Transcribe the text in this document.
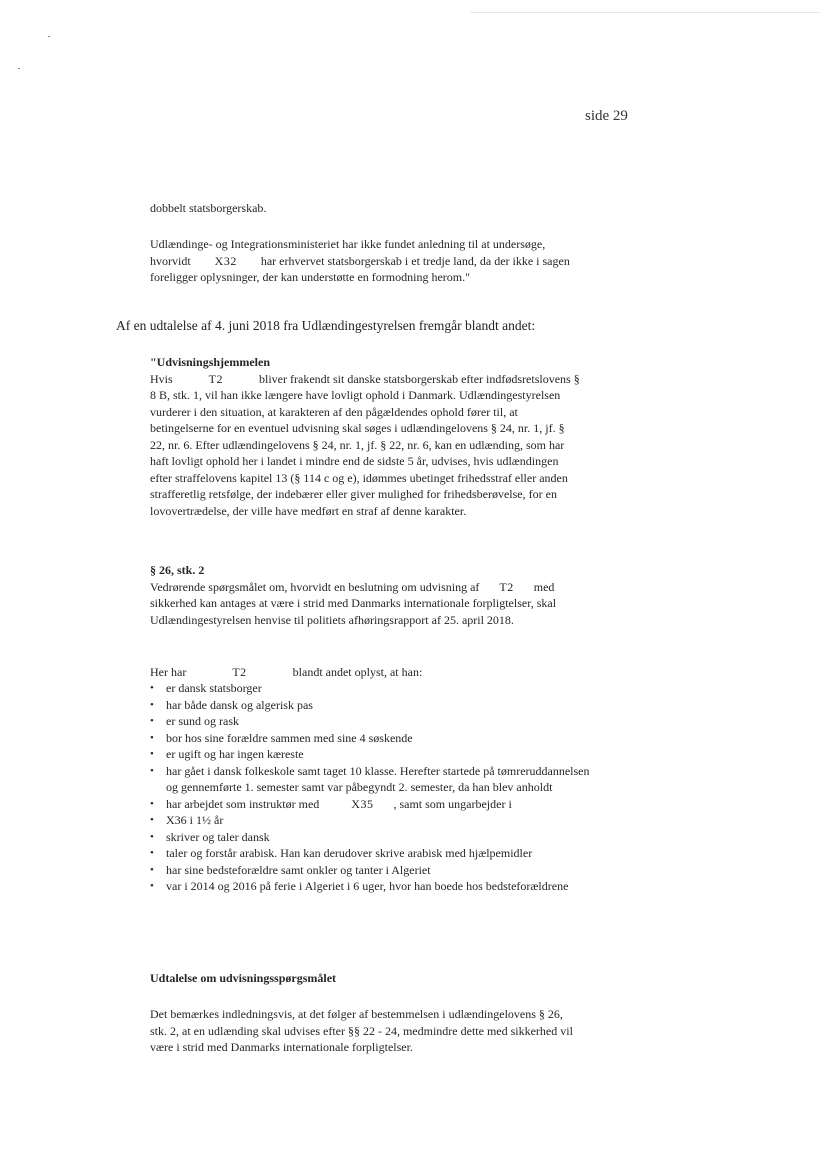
side 29
dobbelt statsborgerskab.
Udlændinge- og Integrationsministeriet har ikke fundet anledning til at undersøge, hvorvidt X32 har erhvervet statsborgerskab i et tredje land, da der ikke i sagen foreligger oplysninger, der kan understøtte en formodning herom."
Af en udtalelse af 4. juni 2018 fra Udlændingestyrelsen fremgår blandt andet:
"Udvisningshjemmelen
Hvis	T2	bliver frakendt sit danske statsborgerskab efter indfødsretslovens § 8 B, stk. 1, vil han ikke længere have lovligt ophold i Danmark. Udlændingestyrelsen vurderer i den situation, at karakteren af den pågældendes ophold fører til, at betingelserne for en eventuel udvisning skal søges i udlændingelovens § 24, nr. 1, jf. § 22, nr. 6. Efter udlændingelovens § 24, nr. 1, jf. § 22, nr. 6, kan en udlænding, som har haft lovligt ophold her i landet i mindre end de sidste 5 år, udvises, hvis udlændingen efter straffelovens kapitel 13 (§ 114 c og e), idømmes ubetinget frihedsstraf eller anden strafferetlig retsfølge, der indebærer eller giver mulighed for frihedsberøvelse, for en lovovertrædelse, der ville have medført en straf af denne karakter.
§ 26, stk. 2
Vedrørende spørgsmålet om, hvorvidt en beslutning om udvisning af T2 med sikkerhed kan antages at være i strid med Danmarks internationale forpligtelser, skal Udlændingestyrelsen henvise til politiets afhøringsrapport af 25. april 2018.
Her har	T2	blandt andet oplyst, at han:
• er dansk statsborger
• har både dansk og algerisk pas
• er sund og rask
• bor hos sine forældre sammen med sine 4 søskende
• er ugift og har ingen kæreste
• har gået i dansk folkeskole samt taget 10 klasse. Herefter startede på tømreruddannelsen og gennemførte 1. semester samt var påbegyndt 2. semester, da han blev anholdt
• har arbejdet som instruktør med	X35 , samt som ungarbejder i
• X36 i 1½ år
• skriver og taler dansk
• taler og forstår arabisk. Han kan derudover skrive arabisk med hjælpemidler
• har sine bedsteforældre samt onkler og tanter i Algeriet
• var i 2014 og 2016 på ferie i Algeriet i 6 uger, hvor han boede hos bedsteforældrene
Udtalelse om udvisningsspørgsmålet
Det bemærkes indledningsvis, at det følger af bestemmelsen i udlændingelovens § 26, stk. 2, at en udlænding skal udvises efter §§ 22 - 24, medmindre dette med sikkerhed vil være i strid med Danmarks internationale forpligtelser.
